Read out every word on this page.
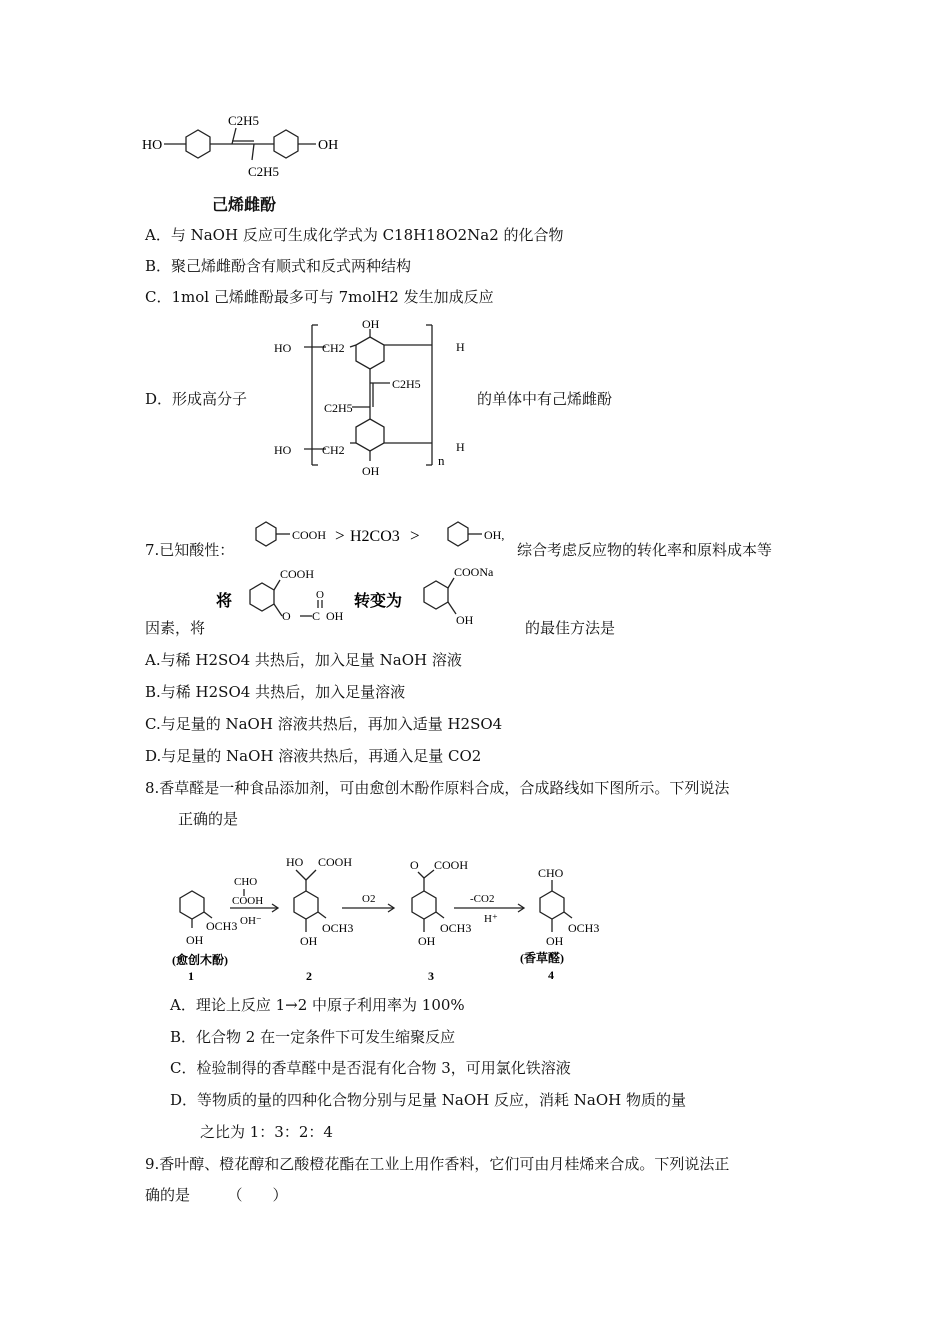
HO
C2H5
C2H5
OH
己烯雌酚
A．与 NaOH 反应可生成化学式为 C18H18O2Na2 的化合物
B．聚己烯雌酚含有顺式和反式两种结构
C．1mol 己烯雌酚最多可与 7molH2 发生加成反应
OH
HO	CH2	H
C2H5
C2H5
HO	CH2	H
n
OH
D．形成高分子	的单体中有己烯雌酚
7.已知酸性：
COOH > H2CO3 >	OH,
综合考虑反应物的转化率和原料成本等
将
COOH
O C
O
OH
转变为
COONa
OH
因素，将	的最佳方法是
A.与稀 H2SO4 共热后，加入足量 NaOH 溶液
B.与稀 H2SO4 共热后，加入足量溶液
C.与足量的 NaOH 溶液共热后，再加入适量 H2SO4
D.与足量的 NaOH 溶液共热后，再通入足量 CO2
8.香草醛是一种食品添加剂，可由愈创木酚作原料合成，合成路线如下图所示。下列说法
正确的是
OH
OCH3
CHO
COOH
OH⁻
HO COOH
OH
OCH3
O2
O COOH
OH
OCH3
-CO2
H⁺
CHO
OH
OCH3
(愈创木酚)	(香草醛)
1	2	3	4
A．理论上反应 1→2 中原子利用率为 100%
B．化合物 2 在一定条件下可发生缩聚反应
C．检验制得的香草醛中是否混有化合物 3，可用氯化铁溶液
D．等物质的量的四种化合物分别与足量 NaOH 反应，消耗 NaOH 物质的量
之比为 1：3：2：4
9.香叶醇、橙花醇和乙酸橙花酯在工业上用作香料，它们可由月桂烯来合成。下列说法正
确的是　　　（　　）
